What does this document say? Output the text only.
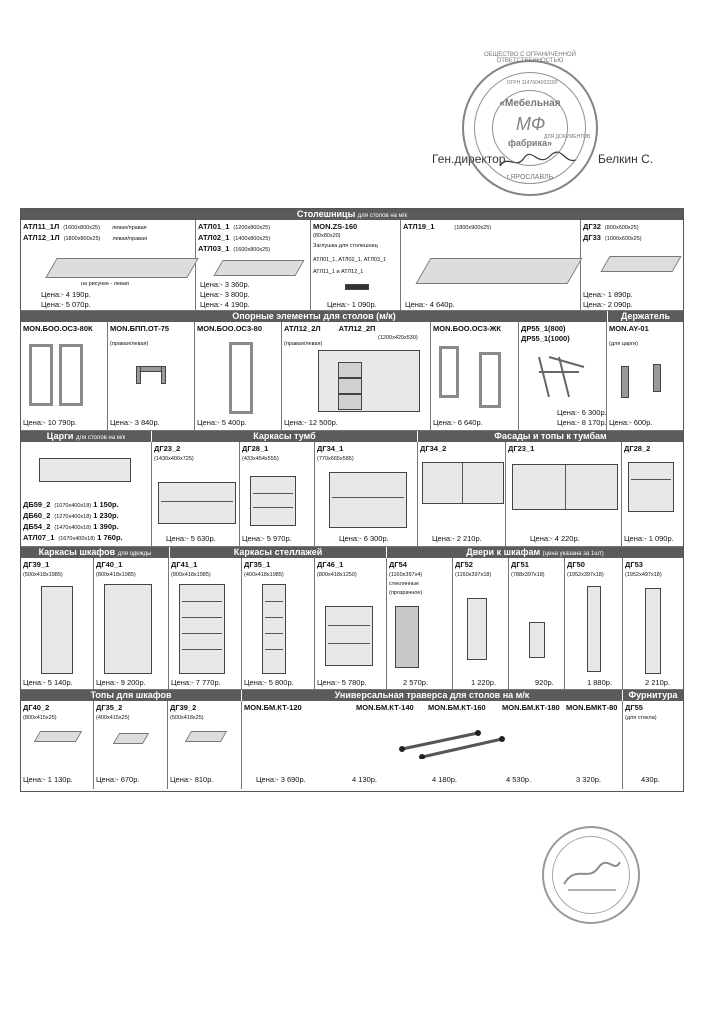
Ген.директор	Белкин С.
ОБЩЕСТВО С ОГРАНИЧЕННОЙ ОТВЕТСТВЕННОСТЬЮ
«Мебельная
МФ
фабрика»
ДЛЯ ДОКУМЕНТОВ
ОГРН 1147604002290
г.ЯРОСЛАВЛЬ
Столешницы для столов на м/к
АТЛ11_1Л (1600х800х25) левая/правая
АТЛ12_1Л (1800х800х25) левая/правая
на рисунке - левая
Цена:- 4 190р.
Цена:- 5 070р.
АТЛ01_1 (1200х800х25)
АТЛ02_1 (1400х800х25)
АТЛ03_1 (1600х800х25)
Цена:- 3 360р.
Цена:- 3 800р.
Цена:- 4 190р.
MON.ZS-160
(80х80х20)
Заглушка для столешниц
АТЛ01_1, АТЛ02_1, АТЛ03_1
АТЛ11_1 и АТЛ12_1
Цена:- 1 090р.
АТЛ19_1	(1800х900х25)
Цена:- 4 640р.
ДГ32 (800х600х25)
ДГ33 (1000х600х25)
Цена:- 1 890р.
Цена:- 2 090р.
Опорные элементы для столов (м/к)	Держатель
MON.БОО.ОС3-80К
Цена:- 10 790р.
MON.БПП.ОТ-75
(правая/левая)
Цена:- 3 840р.
MON.БОО.ОС3-80
Цена:- 5 400р.
АТЛ12_2Л АТЛ12_2П
(1200х420х530)
(правая/левая)
Цена:- 12 500р.
MON.БОО.ОС3-ЖК
Цена:- 6 640р.
ДР55_1(800)
ДР55_1(1000)
Цена:- 6 300р.
Цена:- 8 170р.
MON.AY-01
(для царги)
Цена:- 600р.
Царги для столов на м/к	Каркасы тумб	Фасады и топы к тумбам
ДБ59_2 (1070х400х18) 1 150р.
ДБ60_2 (1270х400х18) 1 230р.
ДБ54_2 (1470х400х18) 1 390р.
АТЛ07_1 (1670х400х18) 1 760р.
ДГ23_2
(1430х400х725)
Цена:- 5 630р.
ДГ28_1
(433х454х555)
Цена:- 5 970р.
ДГ34_1
(770х665х585)
Цена:- 6 300р.
ДГ34_2
Цена:- 2 210р.
ДГ23_1
Цена:- 4 220р.
ДГ28_2
Цена:- 1 090р.
Каркасы шкафов для одежды	Каркасы стеллажей	Двери к шкафам (цена указана за 1шт)
ДГ39_1
(500х418х1985)
Цена:- 5 140р.
ДГ40_1
(800х418х1985)
Цена:- 9 200р.
ДГ41_1
(800х418х1985)
Цена:- 7 770р.
ДГ35_1
(400х418х1985)
Цена:- 5 800р.
ДГ46_1
(800х418х1250)
Цена:- 5 780р.
ДГ54
(1160х397х4)
стеклянные
(прозрачное)
2 570р.
ДГ52
(1160х397х18)
1 220р.
ДГ51
(788х397х18)
920р.
ДГ50
(1952х397х18)
1 880р.
ДГ53
(1952х497х18)
2 210р.
Топы для шкафов	Универсальная траверса для столов на м/к	Фурнитура
ДГ40_2
(800х415х25)
Цена:- 1 130р.
ДГ35_2
(400х415х25)
Цена:- 670р.
ДГ39_2
(500х418х25)
Цена:- 810р.
MON.БМ.КТ-120	MON.БМ.КТ-140 MON.БМ.КТ-160 MON.БМ.КТ-180 MON.БМКТ-80
Цена:- 3 690р.	4 130р.	4 180р.	4 530р.	3 320р.
ДГ55
(для стекла)
430р.
